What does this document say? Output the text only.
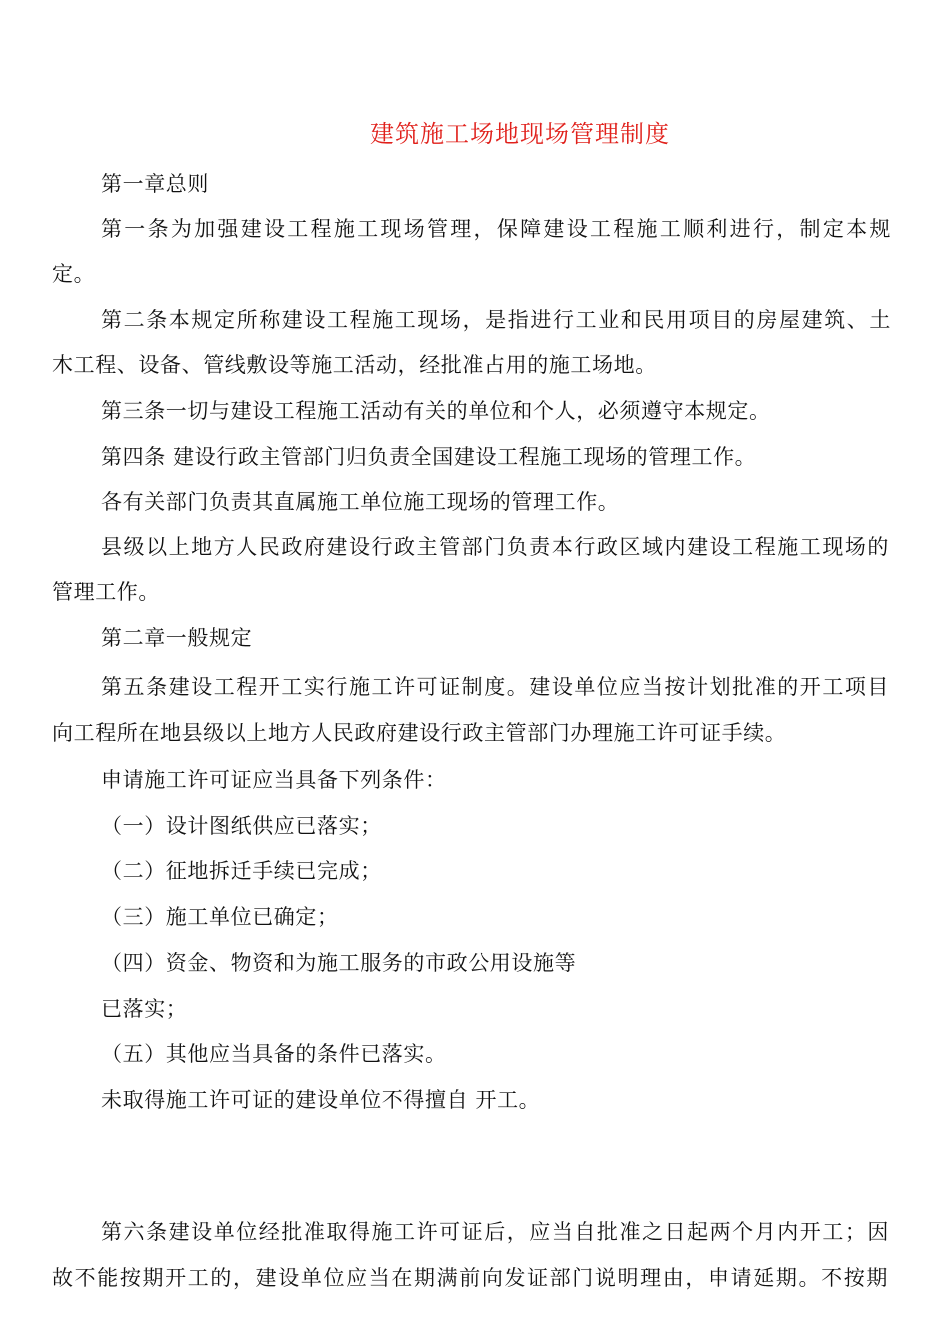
建筑施工场地现场管理制度
第一章总则
第一条为加强建设工程施工现场管理，保障建设工程施工顺利进行，制定本规
定。
第二条本规定所称建设工程施工现场，是指进行工业和民用项目的房屋建筑、土
木工程、设备、管线敷设等施工活动，经批准占用的施工场地。
第三条一切与建设工程施工活动有关的单位和个人，必须遵守本规定。
第四条 建设行政主管部门归负责全国建设工程施工现场的管理工作。
各有关部门负责其直属施工单位施工现场的管理工作。
县级以上地方人民政府建设行政主管部门负责本行政区域内建设工程施工现场的
管理工作。
第二章一般规定
第五条建设工程开工实行施工许可证制度。建设单位应当按计划批准的开工项目
向工程所在地县级以上地方人民政府建设行政主管部门办理施工许可证手续。
申请施工许可证应当具备下列条件：
（一）设计图纸供应已落实；
（二）征地拆迁手续已完成；
（三）施工单位已确定；
（四）资金、物资和为施工服务的市政公用设施等
已落实；
（五）其他应当具备的条件已落实。
未取得施工许可证的建设单位不得擅自 开工。
第六条建设单位经批准取得施工许可证后，应当自批准之日起两个月内开工；因
故不能按期开工的，建设单位应当在期满前向发证部门说明理由，申请延期。不按期
